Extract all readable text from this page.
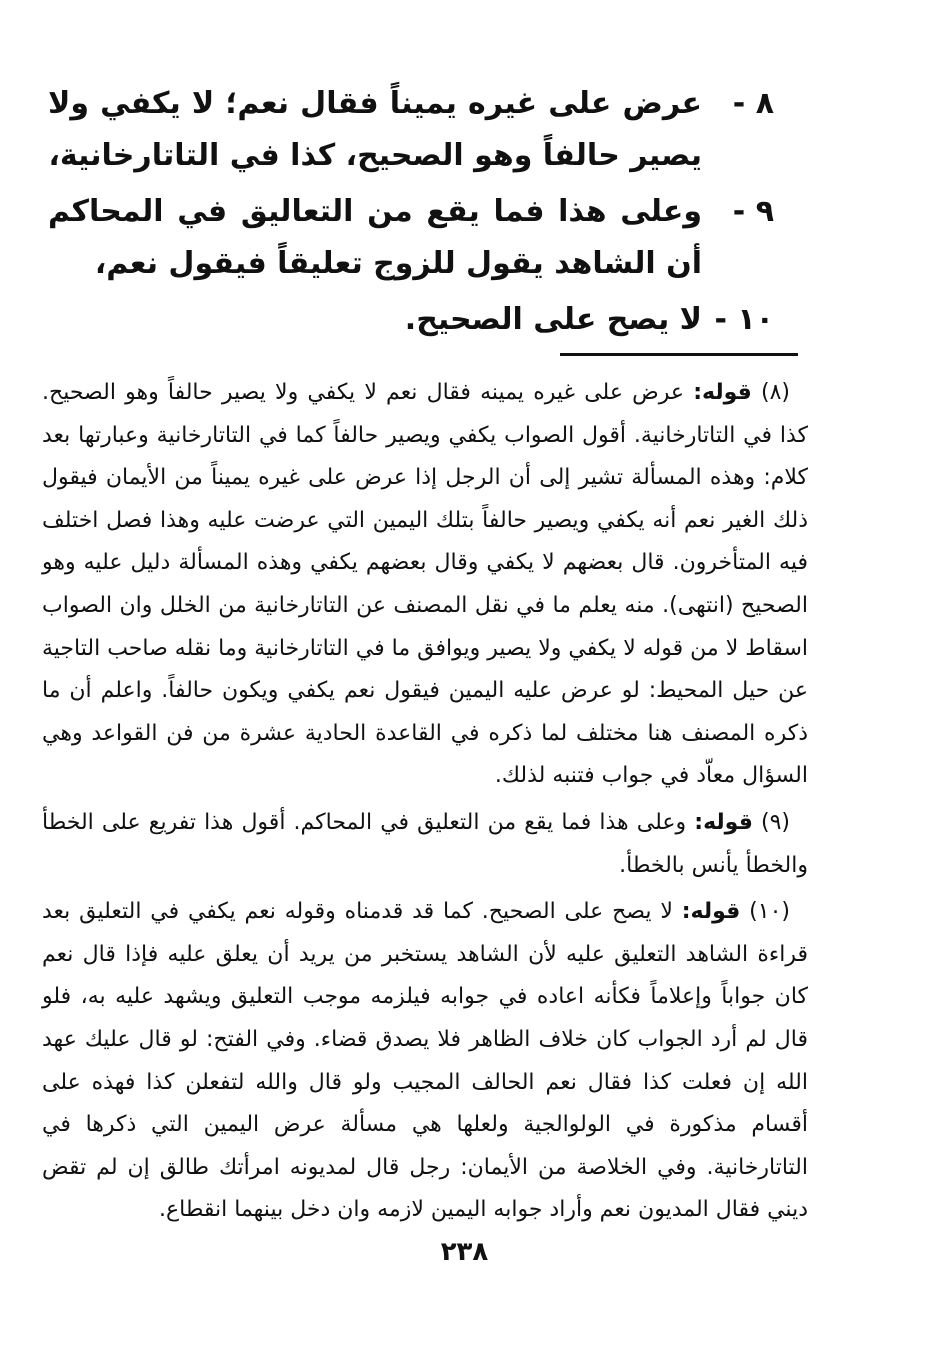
٨ -
عرض على غيره يميناً فقال نعم؛ لا يكفي ولا يصير حالفاً وهو الصحيح، كذا في التاتارخانية،
٩ -
وعلى هذا فما يقع من التعاليق في المحاكم أن الشاهد يقول للزوج تعليقاً فيقول نعم،
١٠ -
لا يصح على الصحيح.

(٨) قوله: عرض على غيره يمينه فقال نعم لا يكفي ولا يصير حالفاً وهو الصحيح. كذا في التاتارخانية. أقول الصواب يكفي ويصير حالفاً كما في التاتارخانية وعبارتها بعد كلام: وهذه المسألة تشير إلى أن الرجل إذا عرض على غيره يميناً من الأيمان فيقول ذلك الغير نعم أنه يكفي ويصير حالفاً بتلك اليمين التي عرضت عليه وهذا فصل اختلف فيه المتأخرون. قال بعضهم لا يكفي وقال بعضهم يكفي وهذه المسألة دليل عليه وهو الصحيح (انتهى). منه يعلم ما في نقل المصنف عن التاتارخانية من الخلل وان الصواب اسقاط لا من قوله لا يكفي ولا يصير ويوافق ما في التاتارخانية وما نقله صاحب التاجية عن حيل المحيط: لو عرض عليه اليمين فيقول نعم يكفي ويكون حالفاً. واعلم أن ما ذكره المصنف هنا مختلف لما ذكره في القاعدة الحادية عشرة من فن القواعد وهي السؤال معاّد في جواب فتنبه لذلك.

(٩) قوله: وعلى هذا فما يقع من التعليق في المحاكم. أقول هذا تفريع على الخطأ والخطأ يأنس بالخطأ.

(١٠) قوله: لا يصح على الصحيح. كما قد قدمناه وقوله نعم يكفي في التعليق بعد قراءة الشاهد التعليق عليه لأن الشاهد يستخبر من يريد أن يعلق عليه فإذا قال نعم كان جواباً وإعلاماً فكأنه اعاده في جوابه فيلزمه موجب التعليق ويشهد عليه به، فلو قال لم أرد الجواب كان خلاف الظاهر فلا يصدق قضاء. وفي الفتح: لو قال عليك عهد الله إن فعلت كذا فقال نعم الحالف المجيب ولو قال والله لتفعلن كذا فهذه على أقسام مذكورة في الولوالجية ولعلها هي مسألة عرض اليمين التي ذكرها في التاتارخانية. وفي الخلاصة من الأيمان: رجل قال لمديونه امرأتك طالق إن لم تقض ديني فقال المديون نعم وأراد جوابه اليمين لازمه وان دخل بينهما انقطاع.

٢٣٨
